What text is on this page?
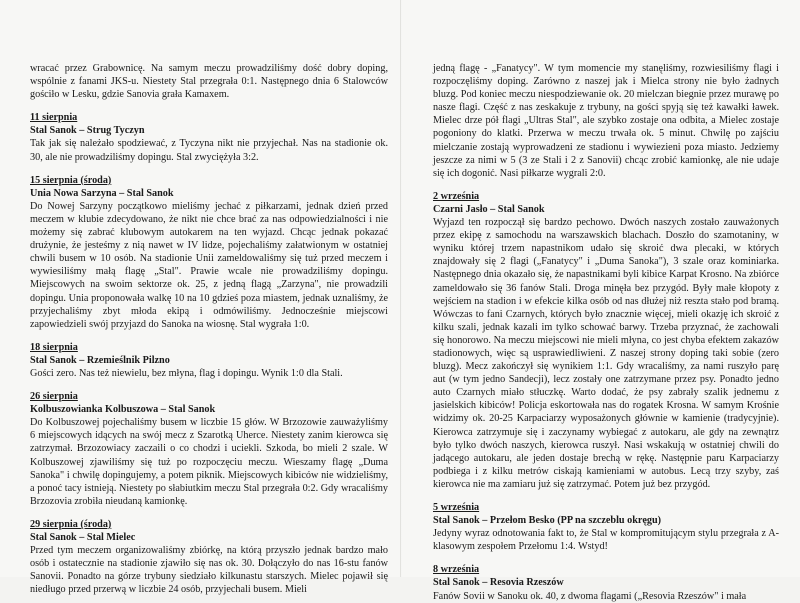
wracać przez Grabownicę. Na samym meczu prowadziliśmy dość dobry doping, wspólnie z fanami JKS-u. Niestety Stal przegrała 0:1. Następnego dnia 6 Stalowców gościło w Lesku, gdzie Sanovia grała Kamaxem.

11 sierpnia
Stal Sanok – Strug Tyczyn

Tak jak się należało spodziewać, z Tyczyna nikt nie przyjechał. Nas na stadionie ok. 30, ale nie prowadziliśmy dopingu. Stal zwyciężyła 3:2.

15 sierpnia (środa)
Unia Nowa Sarzyna – Stal Sanok

Do Nowej Sarzyny początkowo mieliśmy jechać z piłkarzami, jednak dzień przed meczem w klubie zdecydowano, że nikt nie chce brać za nas odpowiedzialności i nie możemy się zabrać klubowym autokarem na ten wyjazd. Chcąc jednak pokazać drużynie, że jesteśmy z nią nawet w IV lidze, pojechaliśmy załatwionym w ostatniej chwili busem w 10 osób. Na stadionie Unii zameldowaliśmy się tuż przed meczem i wywiesiliśmy małą flagę „Stal". Prawie wcale nie prowadziliśmy dopingu. Miejscowych na swoim sektorze ok. 25, z jedną flagą „Zarzyna", nie prowadzili dopingu. Unia proponowała walkę 10 na 10 gdzieś poza miastem, jednak uznaliśmy, że przyjechaliśmy zbyt młoda ekipą i odmówiliśmy. Jednocześnie miejscowi zapowiedzieli swój przyjazd do Sanoka na wiosnę. Stal wygrała 1:0.

18 sierpnia
Stal Sanok – Rzemieślnik Pilzno

Gości zero. Nas też niewielu, bez młyna, flag i dopingu. Wynik 1:0 dla Stali.

26 sierpnia
Kolbuszowianka Kolbuszowa – Stal Sanok

Do Kolbuszowej pojechaliśmy busem w liczbie 15 głów. W Brzozowie zauważyliśmy 6 miejscowych idących na swój mecz z Szarotką Uherce. Niestety zanim kierowca się zatrzymał. Brzozowiacy zaczaili o co chodzi i uciekli. Szkoda, bo mieli 2 szale. W Kolbuszowej zjawiliśmy się tuż po rozpoczęciu meczu. Wieszamy flagę „Duma Sanoka" i chwilę dopingujemy, a potem piknik. Miejscowych kibiców nie widzieliśmy, a ponoć tacy istnieją. Niestety po słabiutkim meczu Stal przegrała 0:2. Gdy wracaliśmy Brzozovia zrobiła nieudaną kamionkę.

29 sierpnia (środa)
Stal Sanok – Stal Mielec

Przed tym meczem organizowaliśmy zbiórkę, na którą przyszło jednak bardzo mało osób i ostatecznie na stadionie zjawiło się nas ok. 30. Dołączyło do nas 16-stu fanów Sanovii. Ponadto na górze trybuny siedziało kilkunastu starszych. Mielec pojawił się niedługo przed przerwą w liczbie 24 osób, przyjechali busem. Mieli

jedną flagę - „Fanatycy". W tym momencie my stanęliśmy, rozwiesiliśmy flagi i rozpoczęliśmy doping. Zarówno z naszej jak i Mielca strony nie było żadnych bluzg. Pod koniec meczu niespodziewanie ok. 20 mielczan biegnie przez murawę po nasze flagi. Część z nas zeskakuje z trybuny, na gości spyją się też kawałki ławek. Mielec drze pół flagi „Ultras Stal", ale szybko zostaje ona odbita, a Mielec zostaje pogoniony do klatki. Przerwa w meczu trwała ok. 5 minut. Chwilę po zajściu mielczanie zostają wyprowadzeni ze stadionu i wywiezieni poza miasto. Jedziemy jeszcze za nimi w 5 (3 ze Stali i 2 z Sanovii) chcąc zrobić kamionkę, ale nie udaje się ich dogonić. Nasi piłkarze wygrali 2:0.

2 września
Czarni Jasło – Stal Sanok

Wyjazd ten rozpoczął się bardzo pechowo. Dwóch naszych zostało zauważonych przez ekipę z samochodu na warszawskich blachach. Doszło do szamotaniny, w wyniku której trzem napastnikom udało się skroić dwa plecaki, w których znajdowały się 2 flagi („Fanatycy" i „Duma Sanoka"), 3 szale oraz kominiarka. Następnego dnia okazało się, że napastnikami byli kibice Karpat Krosno. Na zbiórce zameldowało się 36 fanów Stali. Droga minęła bez przygód. Były małe kłopoty z wejściem na stadion i w efekcie kilka osób od nas dłużej niż reszta stało pod bramą. Wówczas to fani Czarnych, których było znacznie więcej, mieli okazję ich skroić z kilku szali, jednak kazali im tylko schować barwy. Trzeba przyznać, że zachowali się honorowo. Na meczu miejscowi nie mieli młyna, co jest chyba efektem zakazów stadionowych, więc są usprawiedliwieni. Z naszej strony doping taki sobie (zero bluzg). Mecz zakończył się wynikiem 1:1. Gdy wracaliśmy, za nami ruszyło parę aut (w tym jedno Sandecji), lecz zostały one zatrzymane przez psy. Ponadto jedno auto Czarnych miało stłuczkę. Warto dodać, że psy zabrały szalik jednemu z jasielskich kibiców! Policja eskortowała nas do rogatek Krosna. W samym Krośnie widzimy ok. 20-25 Karpaciarzy wyposażonych głównie w kamienie (tradycyjnie). Kierowca zatrzymuje się i zaczynamy wybiegać z autokaru, ale gdy na zewnątrz było tylko dwóch naszych, kierowca ruszył. Nasi wskakują w ostatniej chwili do jadącego autokaru, ale jeden dostaje brechą w rękę. Następnie paru Karpaciarzy podbiega i z kilku metrów ciskają kamieniami w autobus. Lecą trzy szyby, zaś kierowca nie ma zamiaru już się zatrzymać. Potem już bez przygód.

5 września
Stal Sanok – Przełom Besko (PP na szczeblu okręgu)

Jedyny wyraz odnotowania fakt to, że Stal w kompromitującym stylu przegrała z A-klasowym zespołem Przełomu 1:4. Wstyd!

8 września
Stal Sanok – Resovia Rzeszów

Fanów Sovii w Sanoku ok. 40, z dwoma flagami („Resovia Rzeszów" i mała
